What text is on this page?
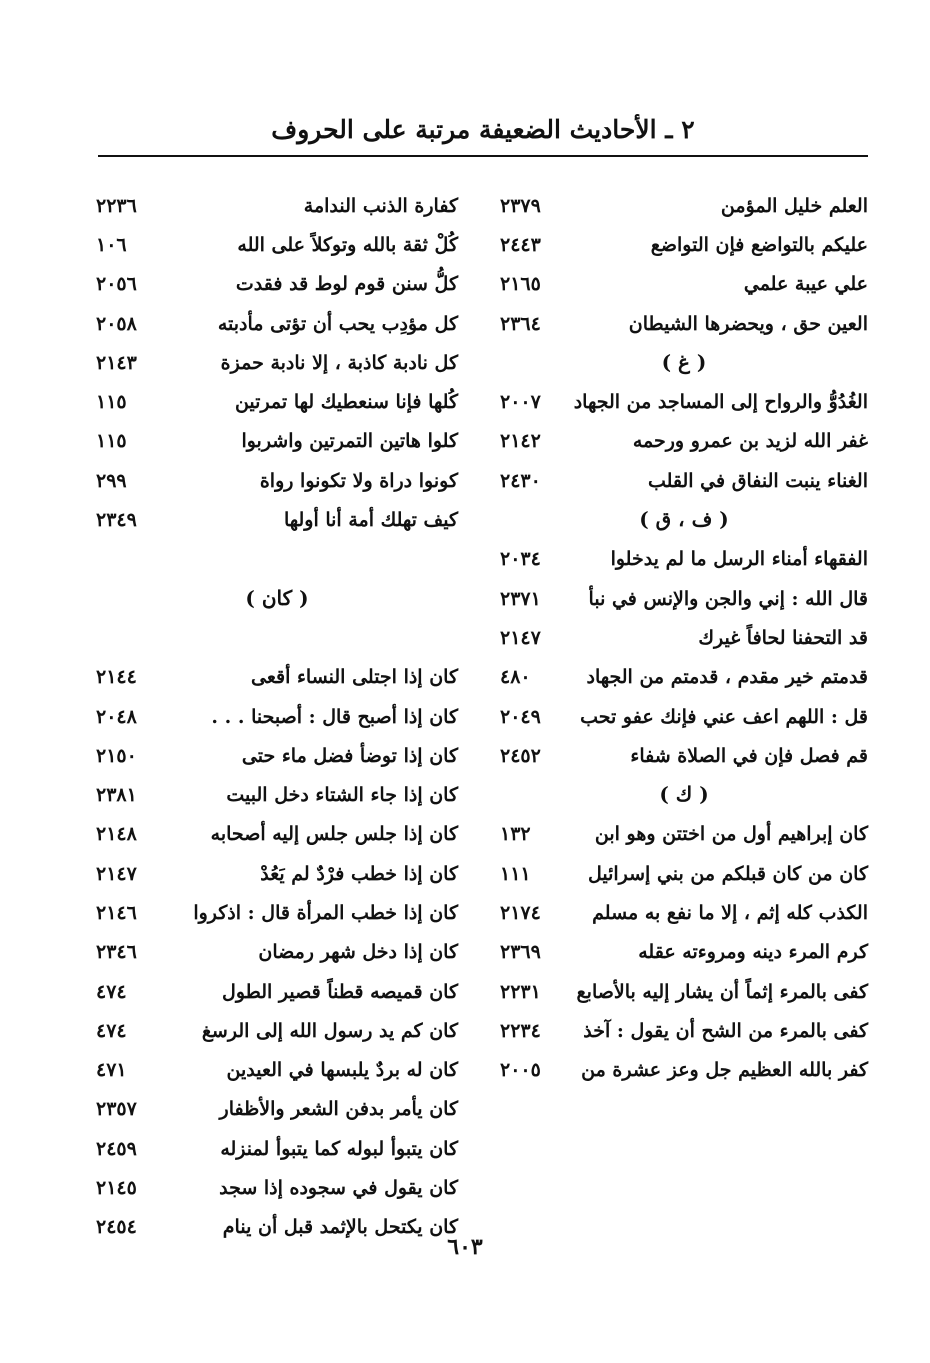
٢ ـ الأحاديث الضعيفة مرتبة على الحروف
العلم خليل المؤمن
٢٣٧٩
عليكم بالتواضع فإن التواضع
٢٤٤٣
علي عيبة علمي
٢١٦٥
العين حق ، ويحضرها الشيطان
٢٣٦٤
( غ )
الغُدُوُّ والرواح إلى المساجد من الجهاد
٢٠٠٧
غفر الله لزيد بن عمرو ورحمه
٢١٤٢
الغناء ينبت النفاق في القلب
٢٤٣٠
( ف ، ق )
الفقهاء أمناء الرسل ما لم يدخلوا
٢٠٣٤
قال الله : إني والجن والإنس في نبأ
٢٣٧١
قد التحفنا لحافاً غيرك
٢١٤٧
قدمتم خير مقدم ، قدمتم من الجهاد
٤٨٠
قل : اللهم اعف عني فإنك عفو تحب
٢٠٤٩
قم فصل فإن في الصلاة شفاء
٢٤٥٢
( ك )
كان إبراهيم أول من اختتن وهو ابن
١٣٢
كان من كان قبلكم من بني إسرائيل
١١١
الكذب كله إثم ، إلا ما نفع به مسلم
٢١٧٤
كرم المرء دينه ومروءته عقله
٢٣٦٩
كفى بالمرء إثماً أن يشار إليه بالأصابع
٢٢٣١
كفى بالمرء من الشح أن يقول : آخذ
٢٢٣٤
كفر بالله العظيم جل وعز عشرة من
٢٠٠٥
كفارة الذنب الندامة
٢٢٣٦
كُلْ ثقة بالله وتوكلاً على الله
١٠٦
كلُّ سنن قوم لوط قد فقدت
٢٠٥٦
كل مؤدِب يحب أن تؤتى مأدبته
٢٠٥٨
كل نادبة كاذبة ، إلا نادبة حمزة
٢١٤٣
كُلها فإنا سنعطيك لها تمرتين
١١٥
كلوا هاتين التمرتين واشربوا
١١٥
كونوا دراة ولا تكونوا رواة
٢٩٩
كيف تهلك أمة أنا أولها
٢٣٤٩
( كان )
كان إذا اجتلى النساء أقعى
٢١٤٤
كان إذا أصبح قال : أصبحنا . . .
٢٠٤٨
كان إذا توضأ فضل ماء حتى
٢١٥٠
كان إذا جاء الشتاء دخل البيت
٢٣٨١
كان إذا جلس جلس إليه أصحابه
٢١٤٨
كان إذا خطب فرْدٌ لم يَعُدْ
٢١٤٧
كان إذا خطب المرأة قال : اذكروا
٢١٤٦
كان إذا دخل شهر رمضان
٢٣٤٦
كان قميصه قطناً قصير الطول
٤٧٤
كان كم يد رسول الله إلى الرسغ
٤٧٤
كان له بردٌ يلبسها في العيدين
٤٧١
كان يأمر بدفن الشعر والأظفار
٢٣٥٧
كان يتبوأ لبوله كما يتبوأ لمنزله
٢٤٥٩
كان يقول في سجوده إذا سجد
٢١٤٥
كان يكتحل بالإثمد قبل أن ينام
٢٤٥٤
٦٠٣
